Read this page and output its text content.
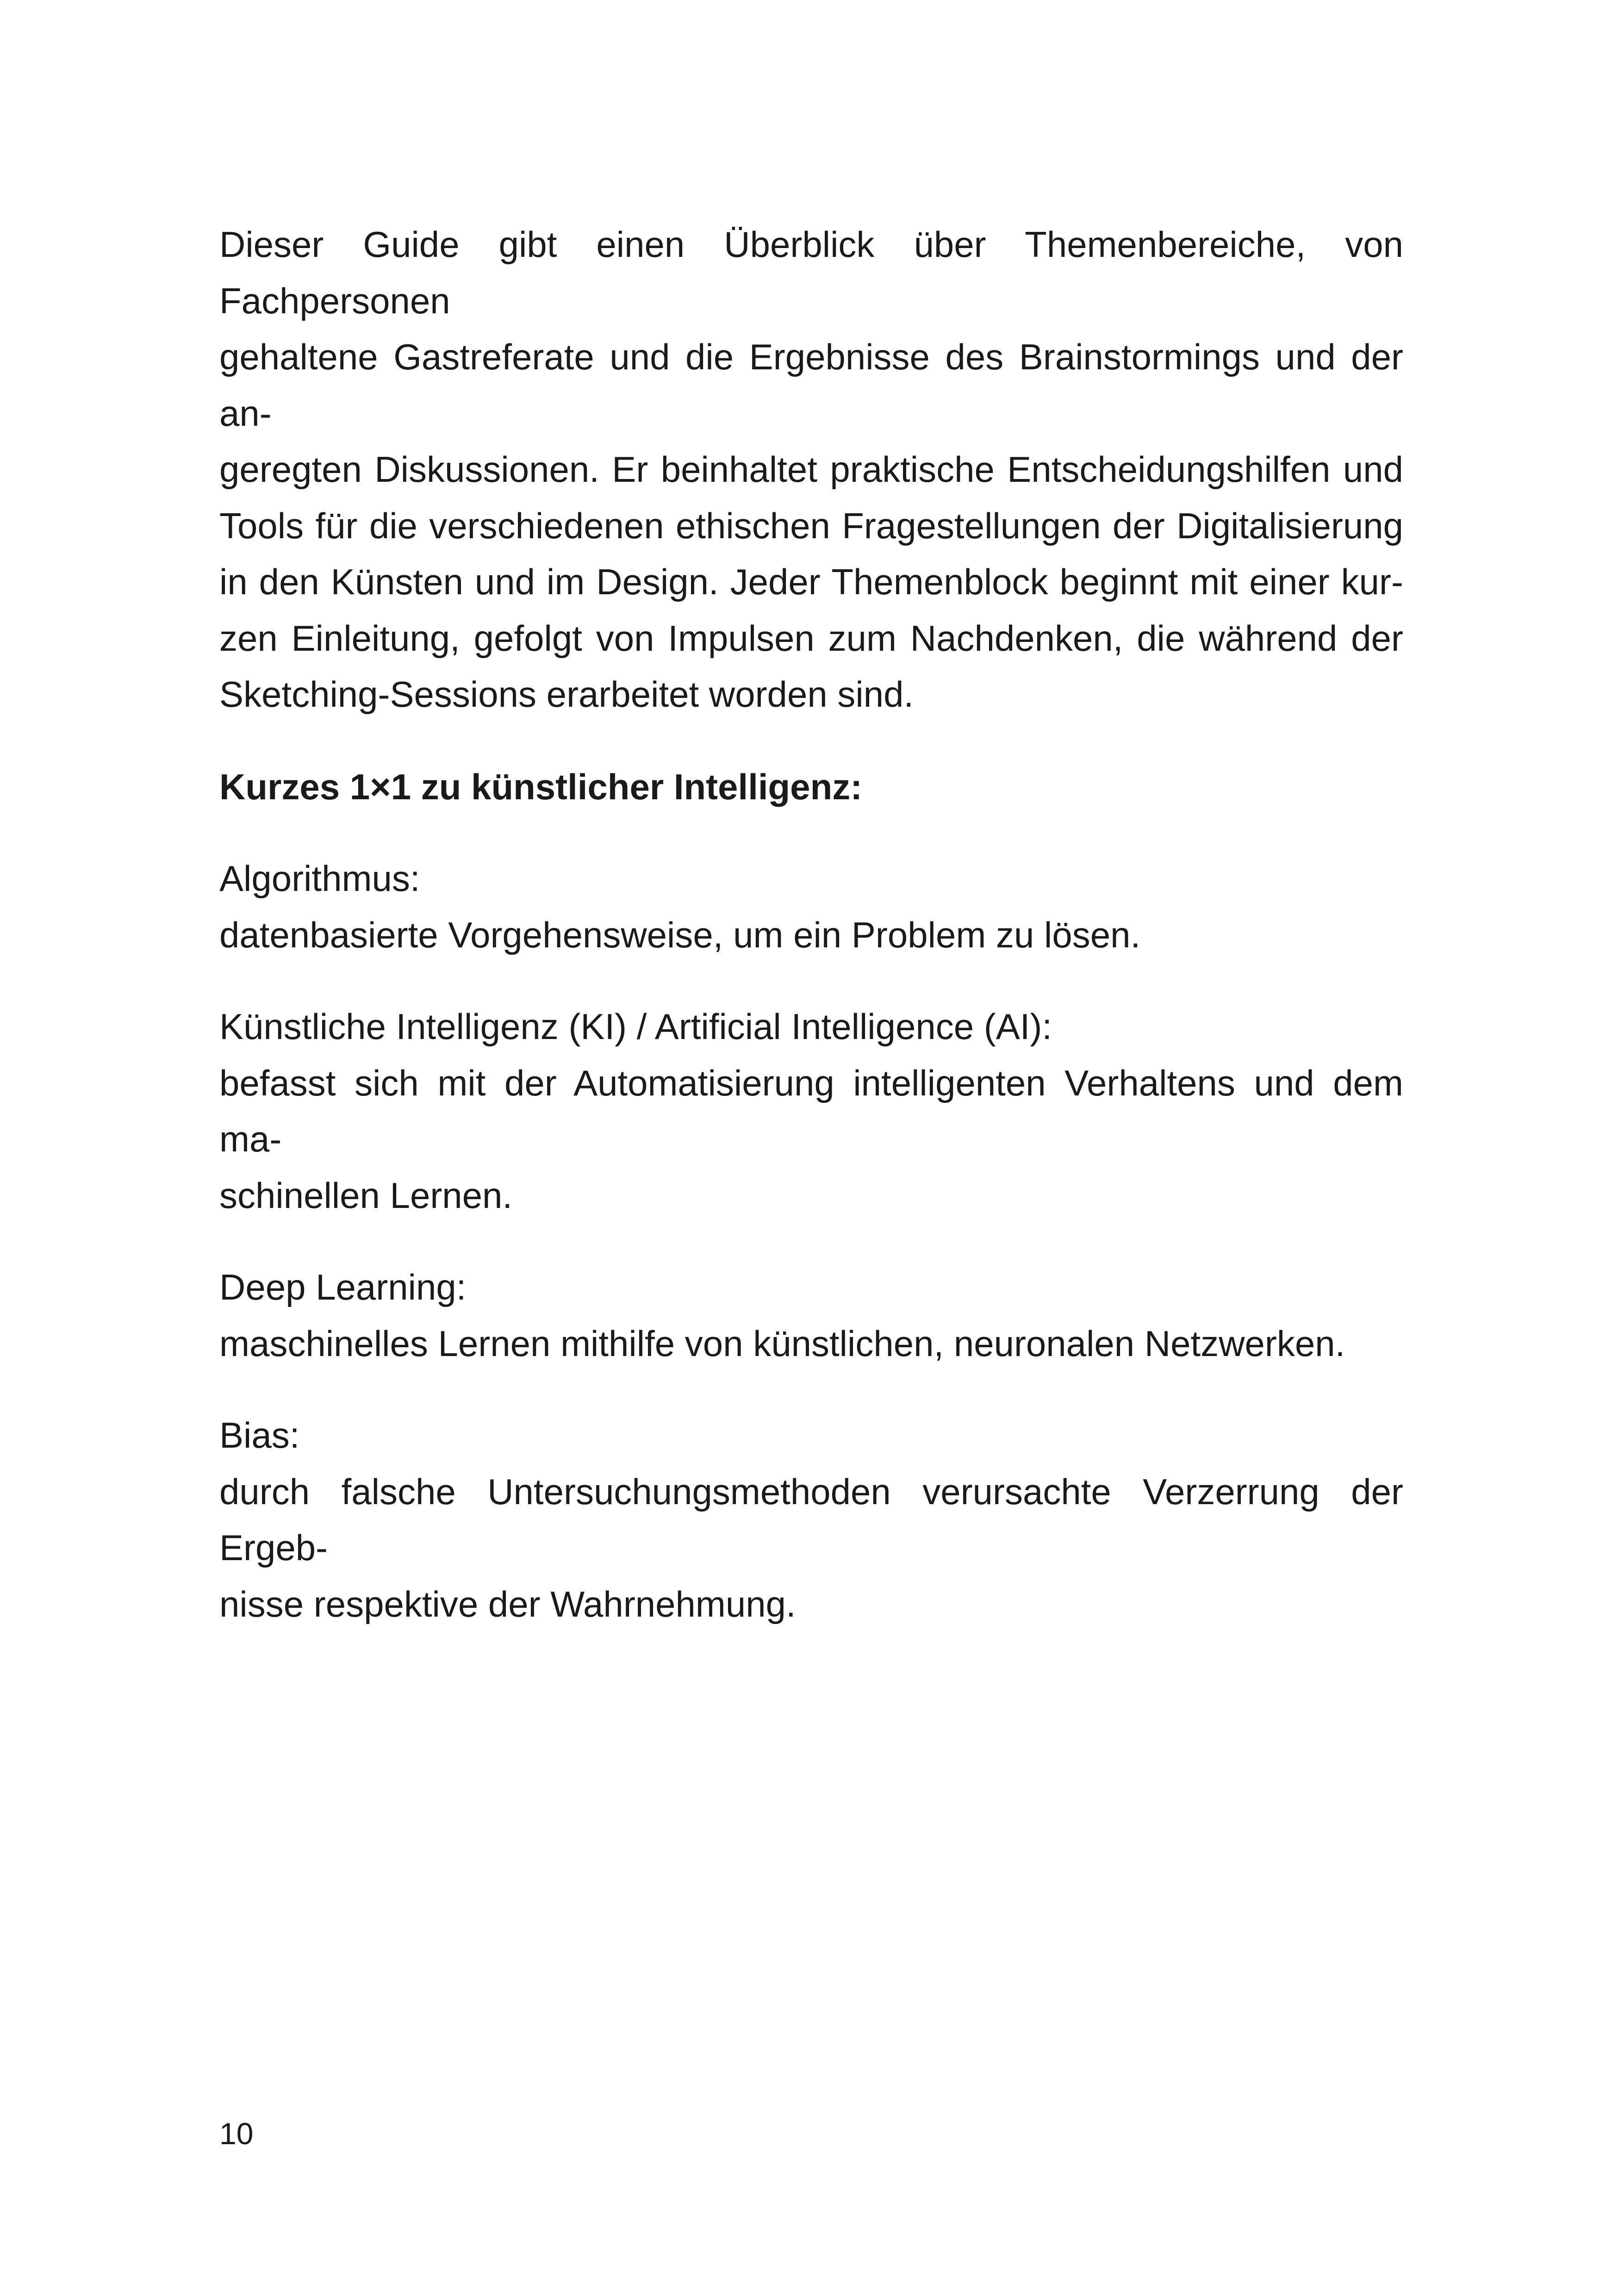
Dieser Guide gibt einen Überblick über Themenbereiche, von Fachpersonen
gehaltene Gastreferate und die Ergebnisse des Brainstormings und der an-
geregten Diskussionen. Er beinhaltet praktische Entscheidungshilfen und
Tools für die verschiedenen ethischen Fragestellungen der Digitalisierung
in den Künsten und im Design. Jeder Themenblock beginnt mit einer kur-
zen Einleitung, gefolgt von Impulsen zum Nachdenken, die während der
Sketching-Sessions erarbeitet worden sind.
Kurzes 1×1 zu künstlicher Intelligenz:
Algorithmus:
datenbasierte Vorgehensweise, um ein Problem zu lösen.
Künstliche Intelligenz (KI) / Artificial Intelligence (AI):
befasst sich mit der Automatisierung intelligenten Verhaltens und dem ma-
schinellen Lernen.
Deep Learning:
maschinelles Lernen mithilfe von künstlichen, neuronalen Netzwerken.
Bias:
durch falsche Untersuchungsmethoden verursachte Verzerrung der Ergeb-
nisse respektive der Wahrnehmung.
10
